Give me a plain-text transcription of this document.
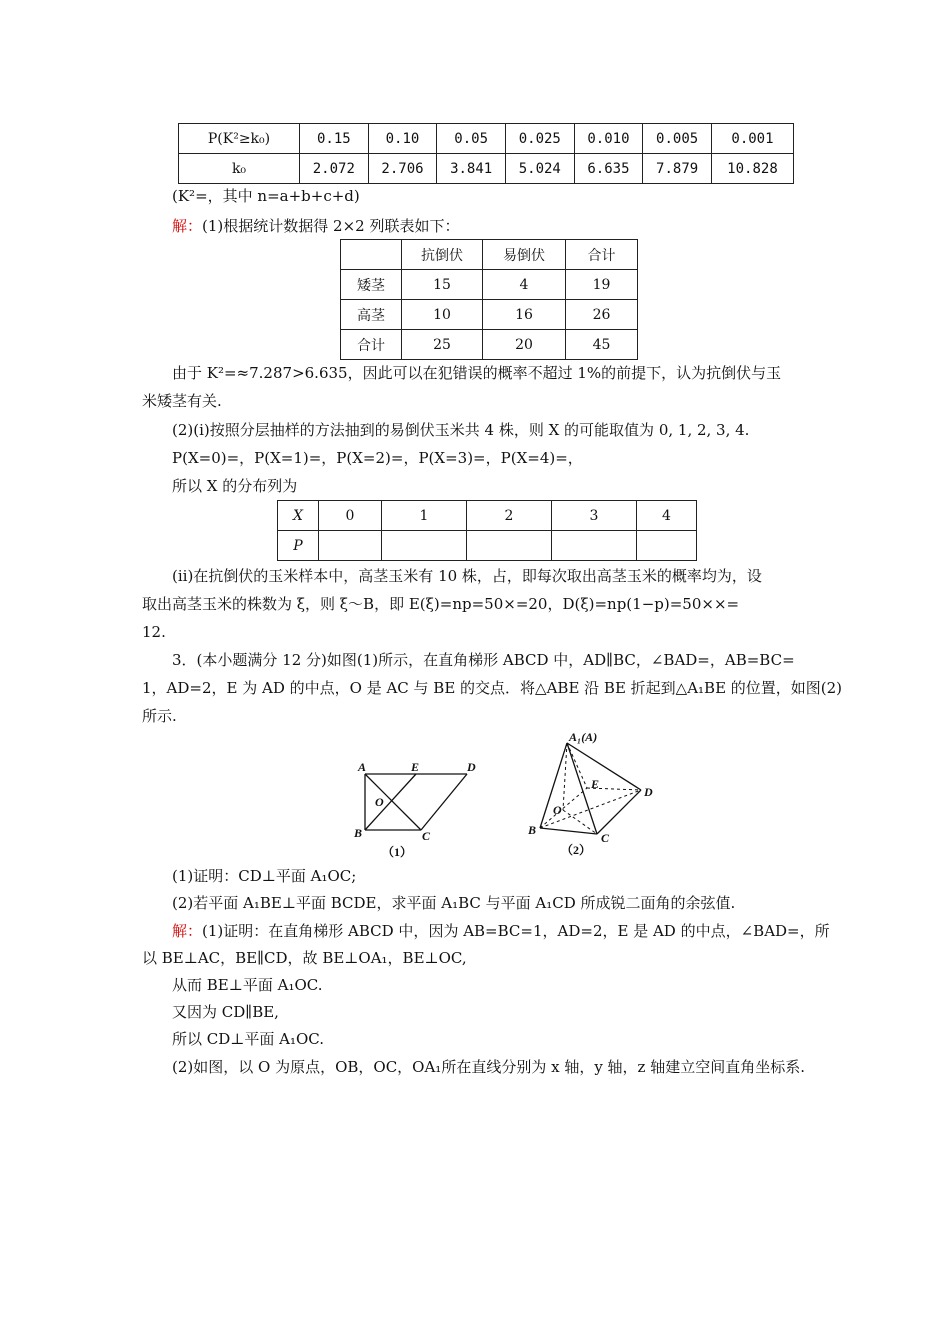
P(K²≥k₀)	0.15	0.10	0.05	0.025	0.010	0.005	0.001
k₀	2.072	2.706	3.841	5.024	6.635	7.879	10.828
(K²=，其中 n=a+b+c+d)
解：(1)根据统计数据得 2×2 列联表如下：
	抗倒伏	易倒伏	合计
矮茎	15	4	19
高茎	10	16	26
合计	25	20	45
由于 K²=≈7.287>6.635，因此可以在犯错误的概率不超过 1%的前提下，认为抗倒伏与玉
米矮茎有关.
(2)(ⅰ)按照分层抽样的方法抽到的易倒伏玉米共 4 株，则 X 的可能取值为 0, 1, 2, 3, 4.
P(X=0)=，P(X=1)=，P(X=2)=，P(X=3)=，P(X=4)=，
所以 X 的分布列为
X	0	1	2	3	4
P					
(ⅱ)在抗倒伏的玉米样本中，高茎玉米有 10 株，占，即每次取出高茎玉米的概率均为，设
取出高茎玉米的株数为 ξ，则 ξ～B，即 E(ξ)=np=50×=20，D(ξ)=np(1−p)=50××=
12.
3．(本小题满分 12 分)如图(1)所示，在直角梯形 ABCD 中，AD∥BC，∠BAD=，AB=BC=
1，AD=2，E 为 AD 的中点，O 是 AC 与 BE 的交点．将△ABE 沿 BE 折起到△A₁BE 的位置，如图(2)
所示.
A	E	D
O
B	C
（1）
A₁(A)
E
D
O
B
C
（2）
(1)证明：CD⊥平面 A₁OC;
(2)若平面 A₁BE⊥平面 BCDE，求平面 A₁BC 与平面 A₁CD 所成锐二面角的余弦值.
解：(1)证明：在直角梯形 ABCD 中，因为 AB=BC=1，AD=2，E 是 AD 的中点，∠BAD=，所
以 BE⊥AC，BE∥CD，故 BE⊥OA₁，BE⊥OC,
从而 BE⊥平面 A₁OC.
又因为 CD∥BE,
所以 CD⊥平面 A₁OC.
(2)如图，以 O 为原点，OB，OC，OA₁所在直线分别为 x 轴，y 轴，z 轴建立空间直角坐标系.
